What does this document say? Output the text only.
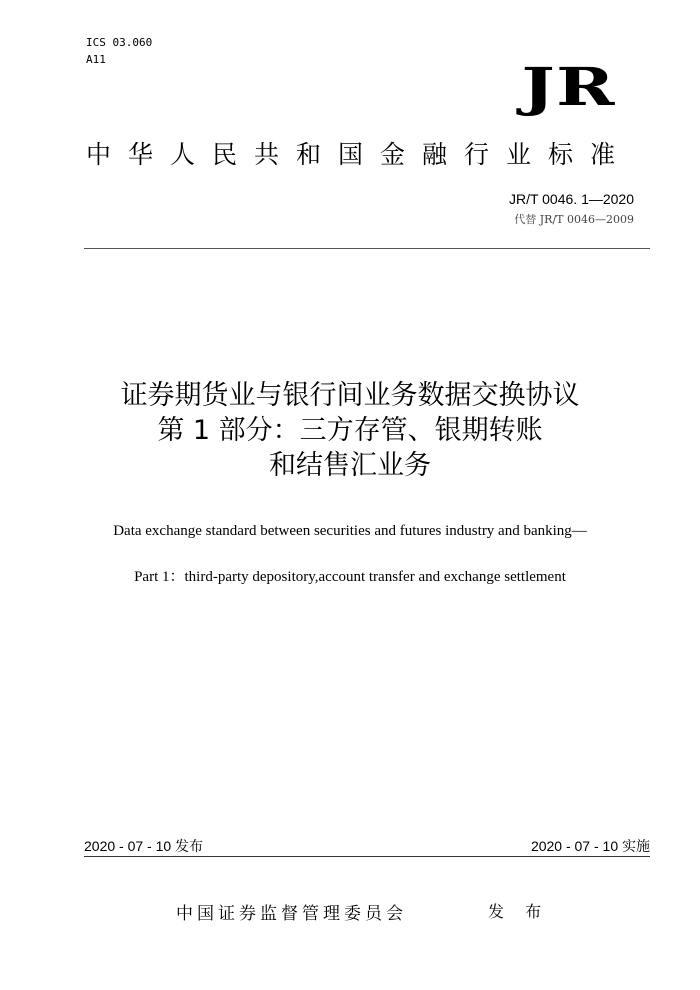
ICS 03.060
A11	JR
中华人民共和国金融行业标准
JR/T 0046. 1—2020
代替 JR/T 0046—2009
证券期货业与银行间业务数据交换协议
第 1 部分：三方存管、银期转账
和结售汇业务
Data exchange standard between securities and futures industry and banking—
Part 1：third-party depository,account transfer and exchange settlement
2020 - 07 - 10 发布	2020 - 07 - 10 实施
中国证券监督管理委员会	发 布
